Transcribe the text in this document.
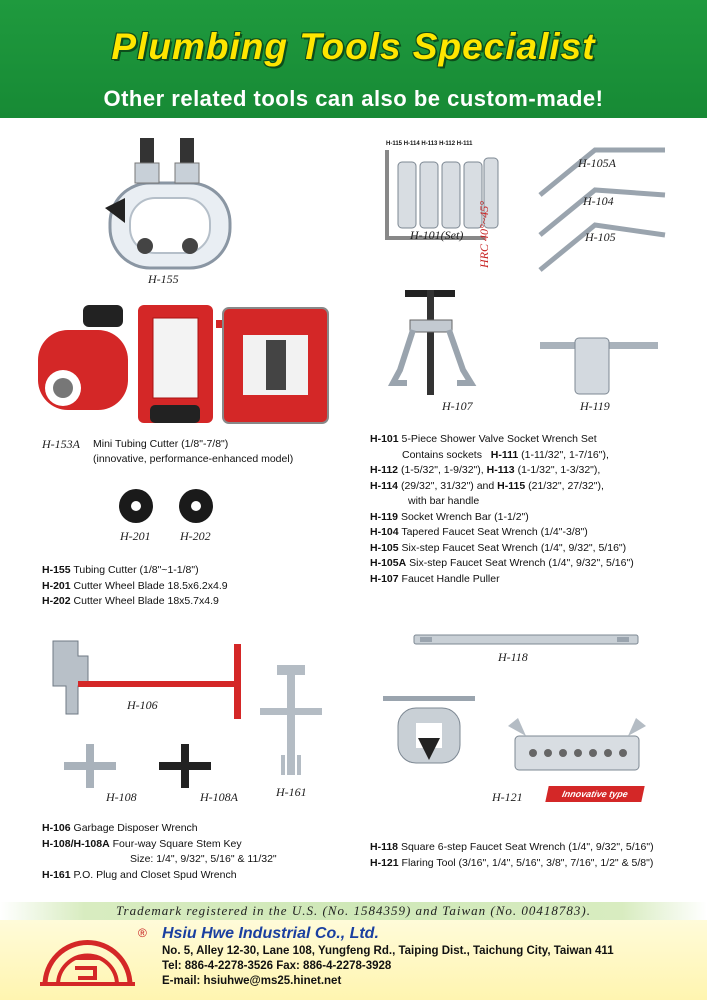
Plumbing Tools Specialist
Other related tools can also be custom-made!
H-155
H-153A Mini Tubing Cutter (1/8"-7/8")
(innovative, performance-enhanced model)
H-201 H-202
H-155 Tubing Cutter (1/8"~1-1/8")
H-201 Cutter Wheel Blade 18.5x6.2x4.9
H-202 Cutter Wheel Blade 18x5.7x4.9
H-115 H-114 H-113 H-112 H-111
H-101(Set)
H-105A
H-104
H-105
HRC 40°~45°
H-107	H-119
H-101 5-Piece Shower Valve Socket Wrench Set
Contains sockets H-111 (1-11/32", 1-7/16"),
H-112 (1-5/32", 1-9/32"), H-113 (1-1/32", 1-3/32"),
H-114 (29/32", 31/32") and H-115 (21/32", 27/32"),
with bar handle
H-119 Socket Wrench Bar (1-1/2")
H-104 Tapered Faucet Seat Wrench (1/4"-3/8")
H-105 Six-step Faucet Seat Wrench (1/4", 9/32", 5/16")
H-105A Six-step Faucet Seat Wrench (1/4", 9/32", 5/16")
H-107 Faucet Handle Puller
H-106
H-108	H-108A	H-161
H-106 Garbage Disposer Wrench
H-108/H-108A Four-way Square Stem Key
Size: 1/4", 9/32", 5/16" & 11/32"
H-161 P.O. Plug and Closet Spud Wrench
H-118
Innovative type
H-121
H-118 Square 6-step Faucet Seat Wrench (1/4", 9/32", 5/16")
H-121 Flaring Tool (3/16", 1/4", 5/16", 3/8", 7/16", 1/2" & 5/8")
Trademark registered in the U.S. (No. 1584359) and Taiwan (No. 00418783).
® Hsiu Hwe Industrial Co., Ltd.
No. 5, Alley 12-30, Lane 108, Yungfeng Rd., Taiping Dist., Taichung City, Taiwan 411
Tel: 886-4-2278-3526 Fax: 886-4-2278-3928
E-mail: hsiuhwe@ms25.hinet.net
